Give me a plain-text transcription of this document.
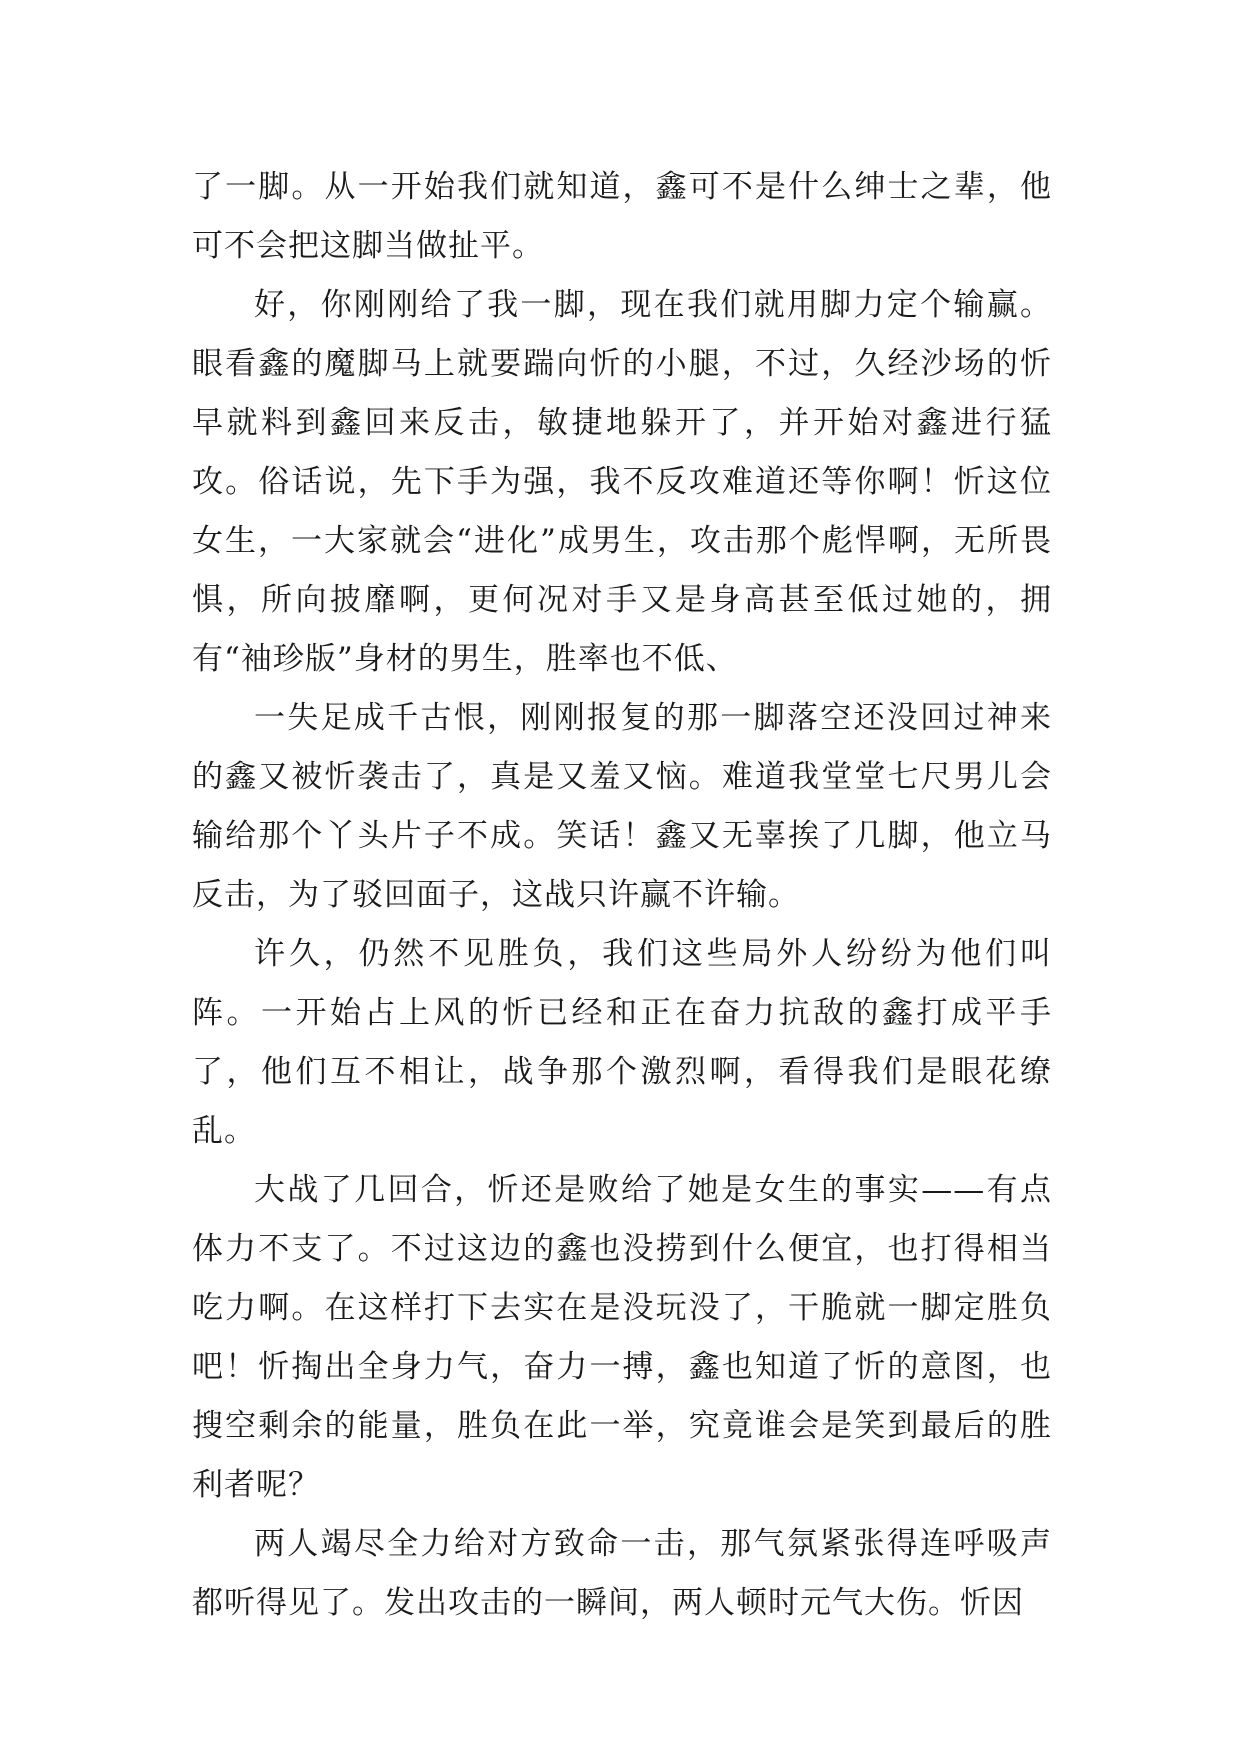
了一脚。从一开始我们就知道，鑫可不是什么绅士之辈，他可不会把这脚当做扯平。

好，你刚刚给了我一脚，现在我们就用脚力定个输赢。眼看鑫的魔脚马上就要踹向忻的小腿，不过，久经沙场的忻早就料到鑫回来反击，敏捷地躲开了，并开始对鑫进行猛攻。俗话说，先下手为强，我不反攻难道还等你啊！忻这位女生，一大家就会“进化”成男生，攻击那个彪悍啊，无所畏惧，所向披靡啊，更何况对手又是身高甚至低过她的，拥有“袖珍版”身材的男生，胜率也不低、

一失足成千古恨，刚刚报复的那一脚落空还没回过神来的鑫又被忻袭击了，真是又羞又恼。难道我堂堂七尺男儿会输给那个丫头片子不成。笑话！鑫又无辜挨了几脚，他立马反击，为了驳回面子，这战只许赢不许输。

许久，仍然不见胜负，我们这些局外人纷纷为他们叫阵。一开始占上风的忻已经和正在奋力抗敌的鑫打成平手了，他们互不相让，战争那个激烈啊，看得我们是眼花缭乱。

大战了几回合，忻还是败给了她是女生的事实——有点体力不支了。不过这边的鑫也没捞到什么便宜，也打得相当吃力啊。在这样打下去实在是没玩没了，干脆就一脚定胜负吧！忻掏出全身力气，奋力一搏，鑫也知道了忻的意图，也搜空剩余的能量，胜负在此一举，究竟谁会是笑到最后的胜利者呢？

两人竭尽全力给对方致命一击，那气氛紧张得连呼吸声都听得见了。发出攻击的一瞬间，两人顿时元气大伤。忻因
